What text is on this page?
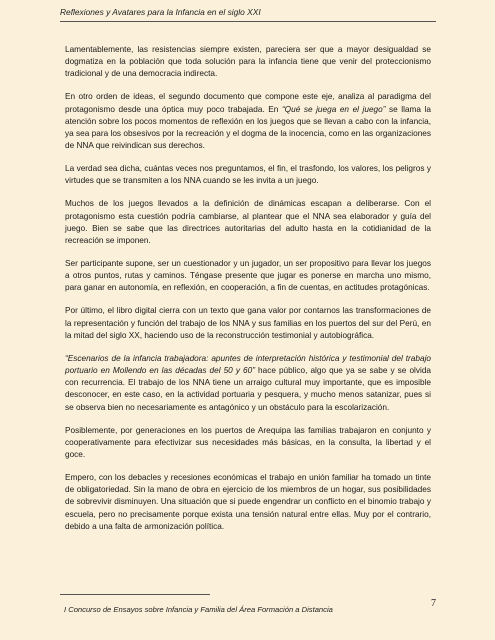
Reflexiones y Avatares para la Infancia en el siglo XXI

Lamentablemente, las resistencias siempre existen, pareciera ser que a mayor desigualdad se dogmatiza en la población que toda solución para la infancia tiene que venir del proteccionismo tradicional y de una democracia indirecta.

En otro orden de ideas, el segundo documento que compone este eje, analiza al paradigma del protagonismo desde una óptica muy poco trabajada. En “Qué se juega en el juego” se llama la atención sobre los pocos momentos de reflexión en los juegos que se llevan a cabo con la infancia, ya sea para los obsesivos por la recreación y el dogma de la inocencia, como en las organizaciones de NNA que reivindican sus derechos.

La verdad sea dicha, cuántas veces nos preguntamos, el fin, el trasfondo, los valores, los peligros y virtudes que se transmiten a los NNA cuando se les invita a un juego.

Muchos de los juegos llevados a la definición de dinámicas escapan a deliberarse. Con el protagonismo esta cuestión podría cambiarse, al plantear que el NNA sea elaborador y guía del juego. Bien se sabe que las directrices autoritarias del adulto hasta en la cotidianidad de la recreación se imponen.

Ser participante supone, ser un cuestionador y un jugador, un ser propositivo para llevar los juegos a otros puntos, rutas y caminos. Téngase presente que jugar es ponerse en marcha uno mismo, para ganar en autonomía, en reflexión, en cooperación, a fin de cuentas, en actitudes protagónicas.

Por último, el libro digital cierra con un texto que gana valor por contarnos las transformaciones de la representación y función del trabajo de los NNA y sus familias en los puertos del sur del Perú, en la mitad del siglo XX, haciendo uso de la reconstrucción testimonial y autobiográfica.

“Escenarios de la infancia trabajadora: apuntes de interpretación histórica y testimonial del trabajo portuario en Mollendo en las décadas del 50 y 60” hace público, algo que ya se sabe y se olvida con recurrencia. El trabajo de los NNA tiene un arraigo cultural muy importante, que es imposible desconocer, en este caso, en la actividad portuaria y pesquera, y mucho menos satanizar, pues si se observa bien no necesariamente es antagónico y un obstáculo para la escolarización.

Posiblemente, por generaciones en los puertos de Arequipa las familias trabajaron en conjunto y cooperativamente para efectivizar sus necesidades más básicas, en la consulta, la libertad y el goce.

Empero, con los debacles y recesiones económicas el trabajo en unión familiar ha tomado un tinte de obligatoriedad. Sin la mano de obra en ejercicio de los miembros de un hogar, sus posibilidades de sobrevivir disminuyen. Una situación que si puede engendrar un conflicto en el binomio trabajo y escuela, pero no precisamente porque exista una tensión natural entre ellas. Muy por el contrario, debido a una falta de armonización política.

I Concurso de Ensayos sobre Infancia y Familia del Área Formación a Distancia
7
